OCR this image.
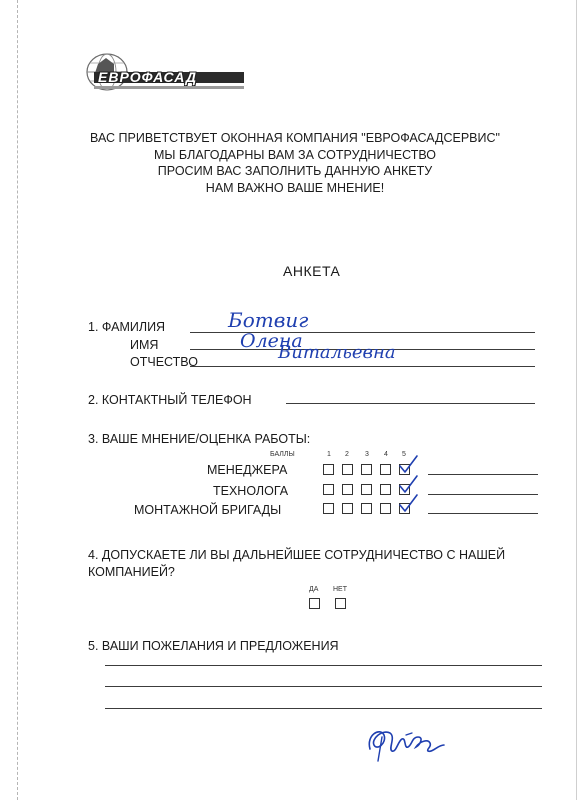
ЕВРОФАСАД
ВАС ПРИВЕТСТВУЕТ ОКОННАЯ КОМПАНИЯ "ЕВРОФАСАДСЕРВИС"
МЫ БЛАГОДАРНЫ ВАМ ЗА СОТРУДНИЧЕСТВО
ПРОСИМ ВАС ЗАПОЛНИТЬ ДАННУЮ АНКЕТУ
НАМ ВАЖНО ВАШЕ МНЕНИЕ!
АНКЕТА
1. ФАМИЛИЯ
ИМЯ
ОТЧЕСТВО
Ботвиг
Олена
Витальевна
2. КОНТАКТНЫЙ ТЕЛЕФОН
3. ВАШЕ МНЕНИЕ/ОЦЕНКА РАБОТЫ:
БАЛЛЫ	1 2 3 4 5
МЕНЕДЖЕРА
ТЕХНОЛОГА
МОНТАЖНОЙ БРИГАДЫ
4. ДОПУСКАЕТЕ ЛИ ВЫ ДАЛЬНЕЙШЕЕ СОТРУДНИЧЕСТВО С НАШЕЙ
КОМПАНИЕЙ?
ДА НЕТ
5. ВАШИ ПОЖЕЛАНИЯ И ПРЕДЛОЖЕНИЯ
